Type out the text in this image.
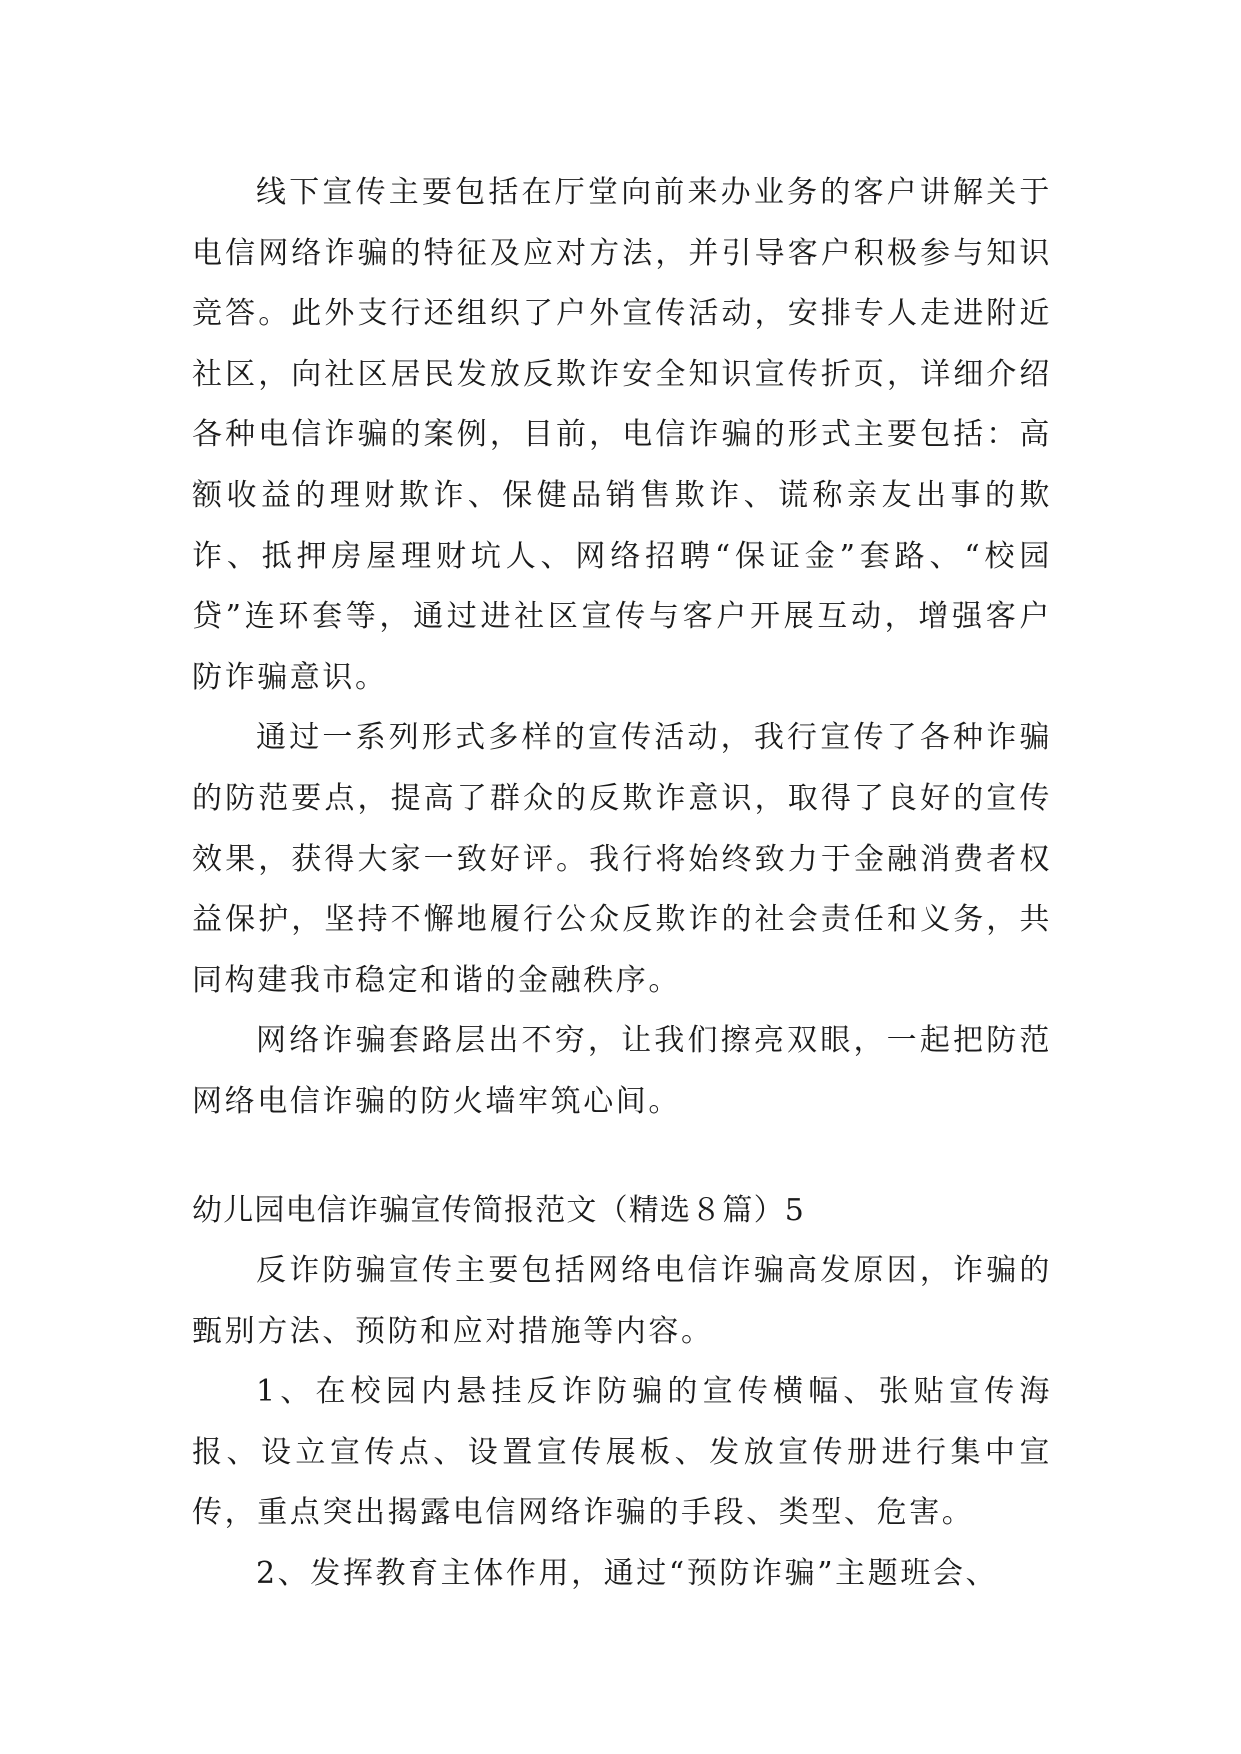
线下宣传主要包括在厅堂向前来办业务的客户讲解关于电信网络诈骗的特征及应对方法，并引导客户积极参与知识竞答。此外支行还组织了户外宣传活动，安排专人走进附近社区，向社区居民发放反欺诈安全知识宣传折页，详细介绍各种电信诈骗的案例，目前，电信诈骗的形式主要包括：高额收益的理财欺诈、保健品销售欺诈、谎称亲友出事的欺诈、抵押房屋理财坑人、网络招聘“保证金”套路、“校园贷”连环套等，通过进社区宣传与客户开展互动，增强客户防诈骗意识。

通过一系列形式多样的宣传活动，我行宣传了各种诈骗的防范要点，提高了群众的反欺诈意识，取得了良好的宣传效果，获得大家一致好评。我行将始终致力于金融消费者权益保护，坚持不懈地履行公众反欺诈的社会责任和义务，共同构建我市稳定和谐的金融秩序。

网络诈骗套路层出不穷，让我们擦亮双眼，一起把防范网络电信诈骗的防火墙牢筑心间。

幼儿园电信诈骗宣传简报范文（精选８篇）5

反诈防骗宣传主要包括网络电信诈骗高发原因，诈骗的甄别方法、预防和应对措施等内容。

1、在校园内悬挂反诈防骗的宣传横幅、张贴宣传海报、设立宣传点、设置宣传展板、发放宣传册进行集中宣传，重点突出揭露电信网络诈骗的手段、类型、危害。

2、发挥教育主体作用，通过“预防诈骗”主题班会、
